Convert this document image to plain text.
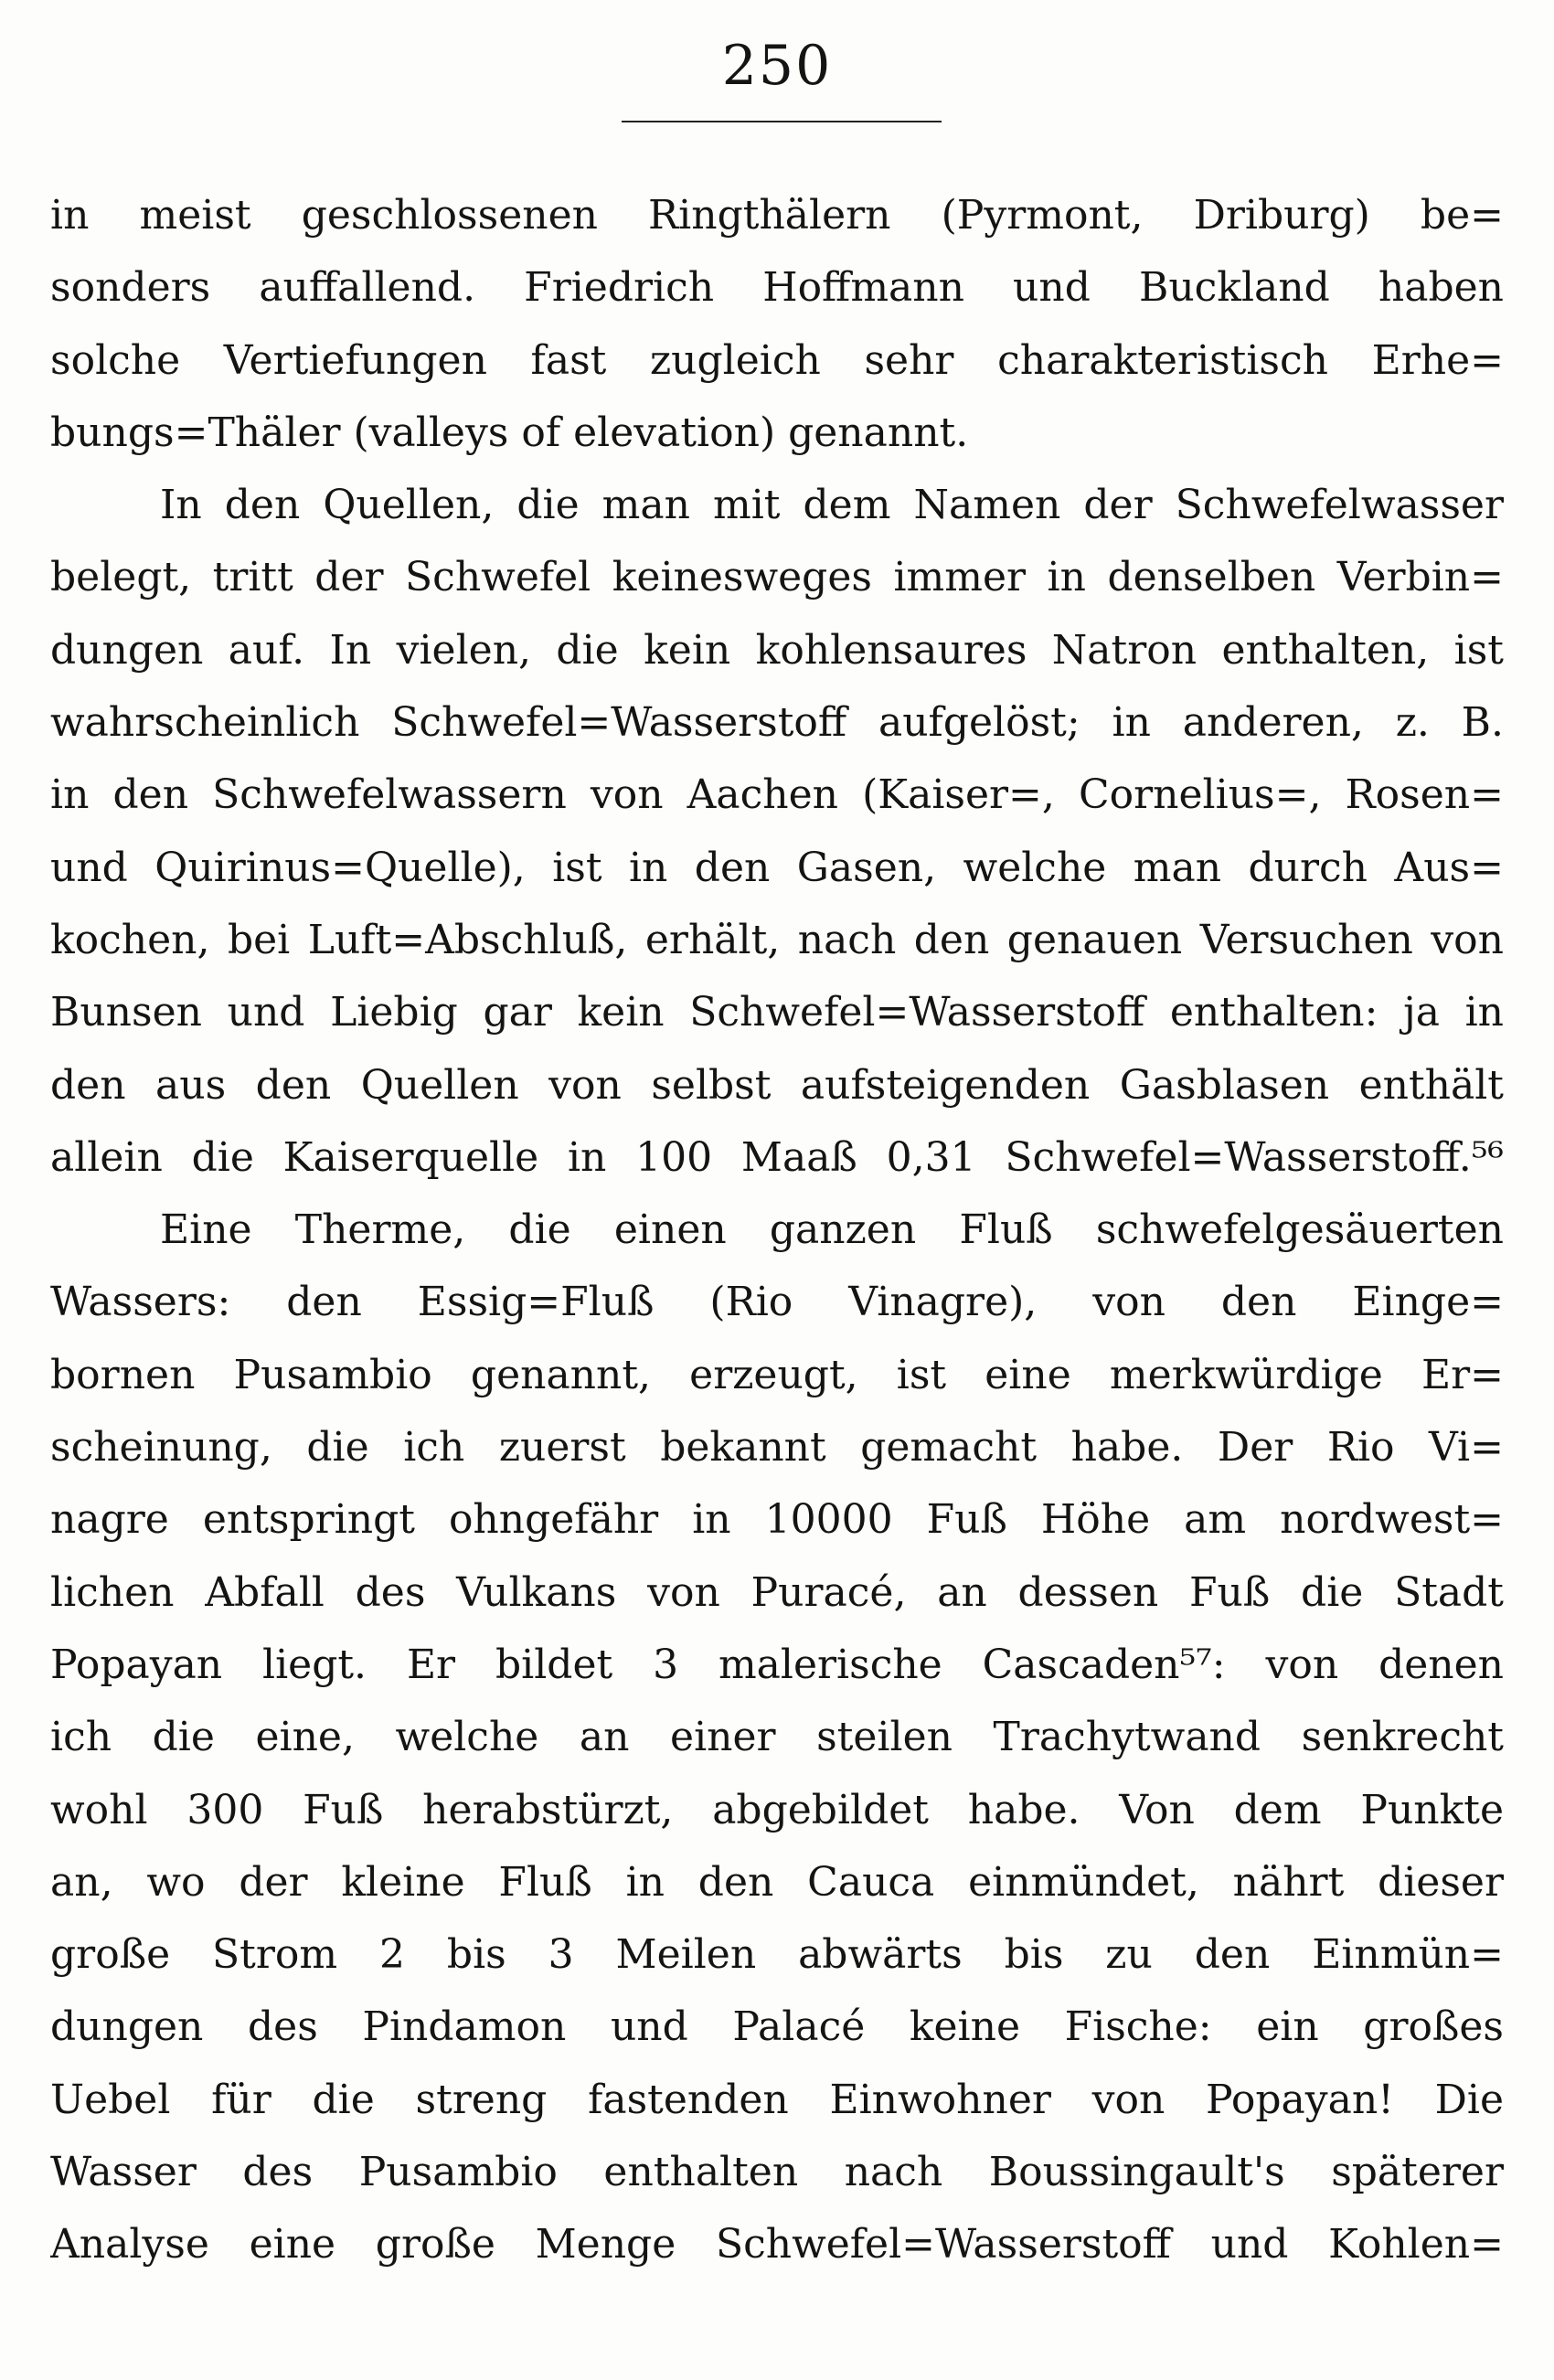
250
in meist geschlossenen Ringthälern (Pyrmont, Driburg) be=
sonders auffallend. Friedrich Hoffmann und Buckland haben
solche Vertiefungen fast zugleich sehr charakteristisch Erhe=
bungs=Thäler (valleys of elevation) genannt.
In den Quellen, die man mit dem Namen der Schwefelwasser
belegt, tritt der Schwefel keinesweges immer in denselben Verbin=
dungen auf. In vielen, die kein kohlensaures Natron enthalten, ist
wahrscheinlich Schwefel=Wasserstoff aufgelöst; in anderen, z. B.
in den Schwefelwassern von Aachen (Kaiser=, Cornelius=, Rosen=
und Quirinus=Quelle), ist in den Gasen, welche man durch Aus=
kochen, bei Luft=Abschluß, erhält, nach den genauen Versuchen von
Bunsen und Liebig gar kein Schwefel=Wasserstoff enthalten: ja in
den aus den Quellen von selbst aufsteigenden Gasblasen enthält
allein die Kaiserquelle in 100 Maaß 0,31 Schwefel=Wasserstoff.⁵⁶
Eine Therme, die einen ganzen Fluß schwefelgesäuerten
Wassers: den Essig=Fluß (Rio Vinagre), von den Einge=
bornen Pusambio genannt, erzeugt, ist eine merkwürdige Er=
scheinung, die ich zuerst bekannt gemacht habe. Der Rio Vi=
nagre entspringt ohngefähr in 10000 Fuß Höhe am nordwest=
lichen Abfall des Vulkans von Puracé, an dessen Fuß die Stadt
Popayan liegt. Er bildet 3 malerische Cascaden⁵⁷: von denen
ich die eine, welche an einer steilen Trachytwand senkrecht
wohl 300 Fuß herabstürzt, abgebildet habe. Von dem Punkte
an, wo der kleine Fluß in den Cauca einmündet, nährt dieser
große Strom 2 bis 3 Meilen abwärts bis zu den Einmün=
dungen des Pindamon und Palacé keine Fische: ein großes
Uebel für die streng fastenden Einwohner von Popayan! Die
Wasser des Pusambio enthalten nach Boussingault's späterer
Analyse eine große Menge Schwefel=Wasserstoff und Kohlen=
